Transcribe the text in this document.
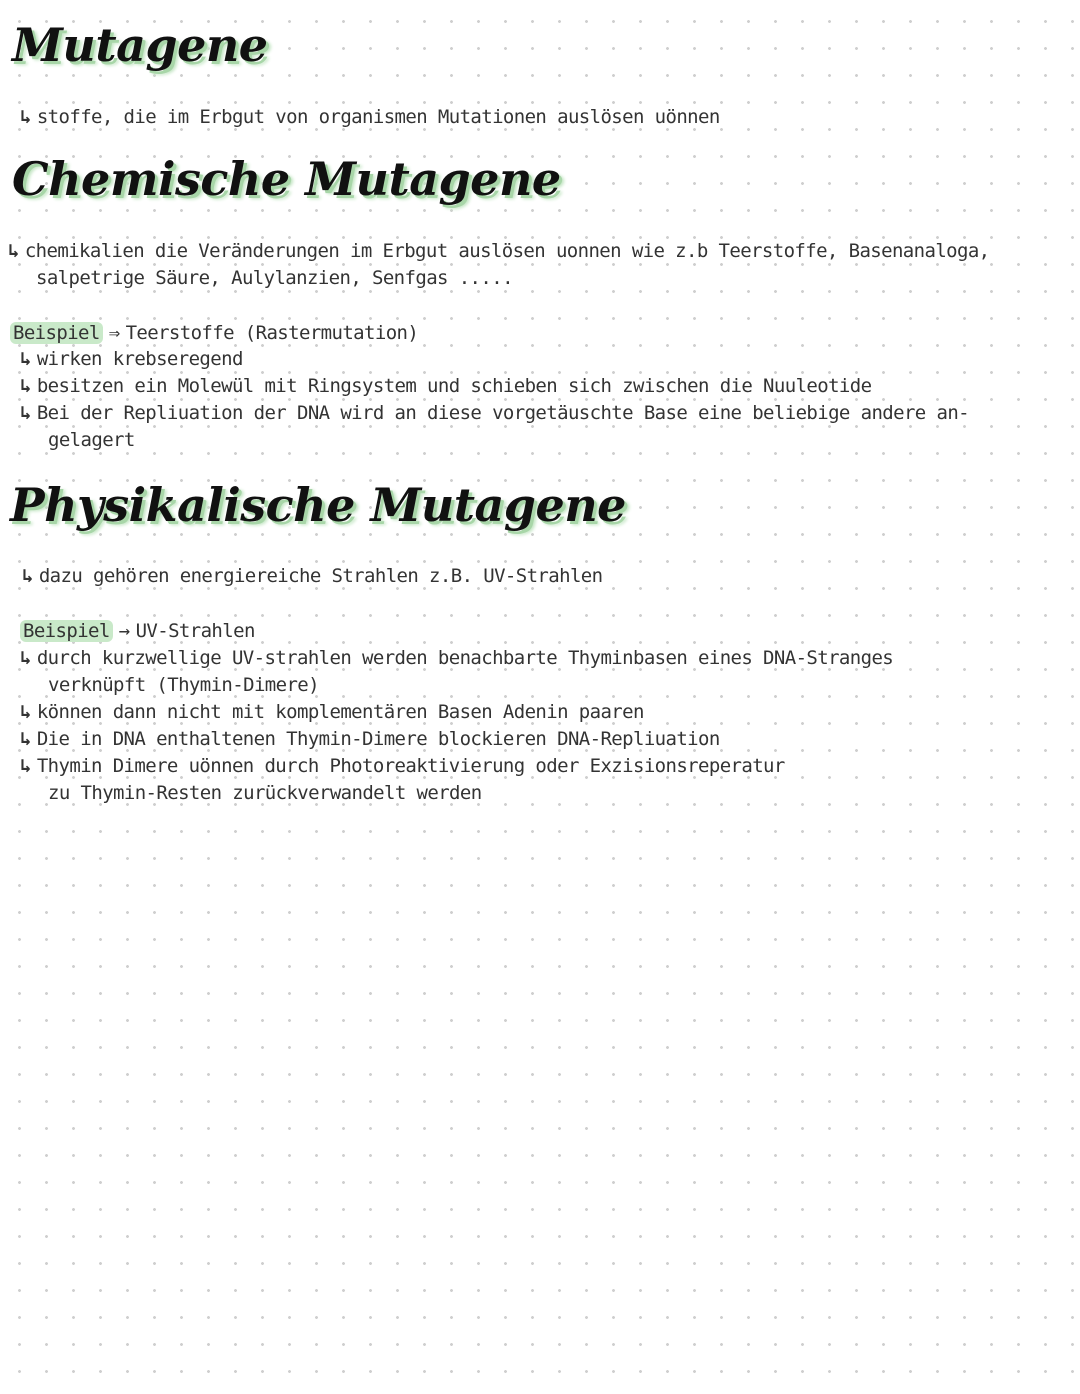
Mutagene

↳ stoffe, die im Erbgut von organismen Mutationen auslösen uönnen

Chemische Mutagene

↳ chemikalien die Veränderungen im Erbgut auslösen uonnen wie z.b Teerstoffe, Basenanaloga,

salpetrige Säure, Aulylanzien, Senfgas .....

Beispiel ⇒ Teerstoffe (Rastermutation)

↳ wirken krebseregend

↳ besitzen ein Molewül mit Ringsystem und schieben sich zwischen die Nuuleotide

↳ Bei der Repliuation der DNA wird an diese vorgetäuschte Base eine beliebige andere an-

gelagert

Physikalische Mutagene

↳ dazu gehören energiereiche Strahlen z.B. UV-Strahlen

Beispiel → UV-Strahlen

↳ durch kurzwellige UV-strahlen werden benachbarte Thyminbasen eines DNA-Stranges

verknüpft (Thymin-Dimere)

↳ können dann nicht mit komplementären Basen Adenin paaren

↳ Die in DNA enthaltenen Thymin-Dimere blockieren DNA-Repliuation

↳ Thymin Dimere uönnen durch Photoreaktivierung oder Exzisionsreperatur

zu Thymin-Resten zurückverwandelt werden
